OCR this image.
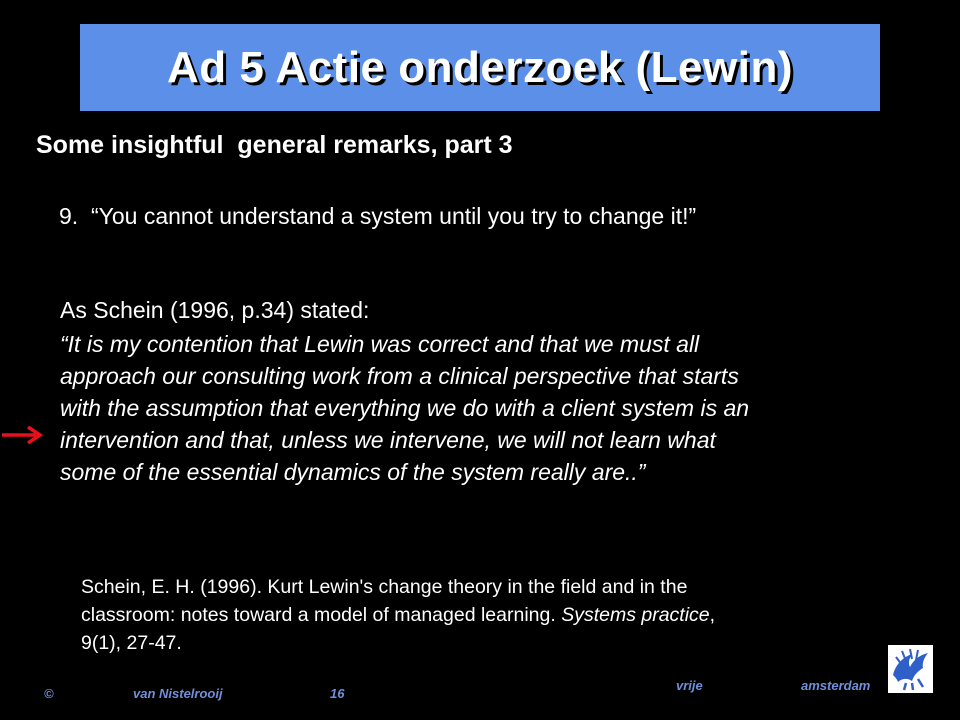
Ad 5 Actie onderzoek (Lewin)
Some insightful  general remarks, part 3
9.  “You cannot understand a system until you try to change it!”
As Schein (1996, p.34) stated:
“It is my contention that Lewin was correct and that we must all
approach our consulting work from a clinical perspective that starts
with the assumption that everything we do with a client system is an
intervention and that, unless we intervene, we will not learn what
some of the essential dynamics of the system really are..”
Schein, E. H. (1996). Kurt Lewin's change theory in the field and in the
classroom: notes toward a model of managed learning. Systems practice,
9(1), 27-47.
©	van Nistelrooij	16
vrije	amsterdam
